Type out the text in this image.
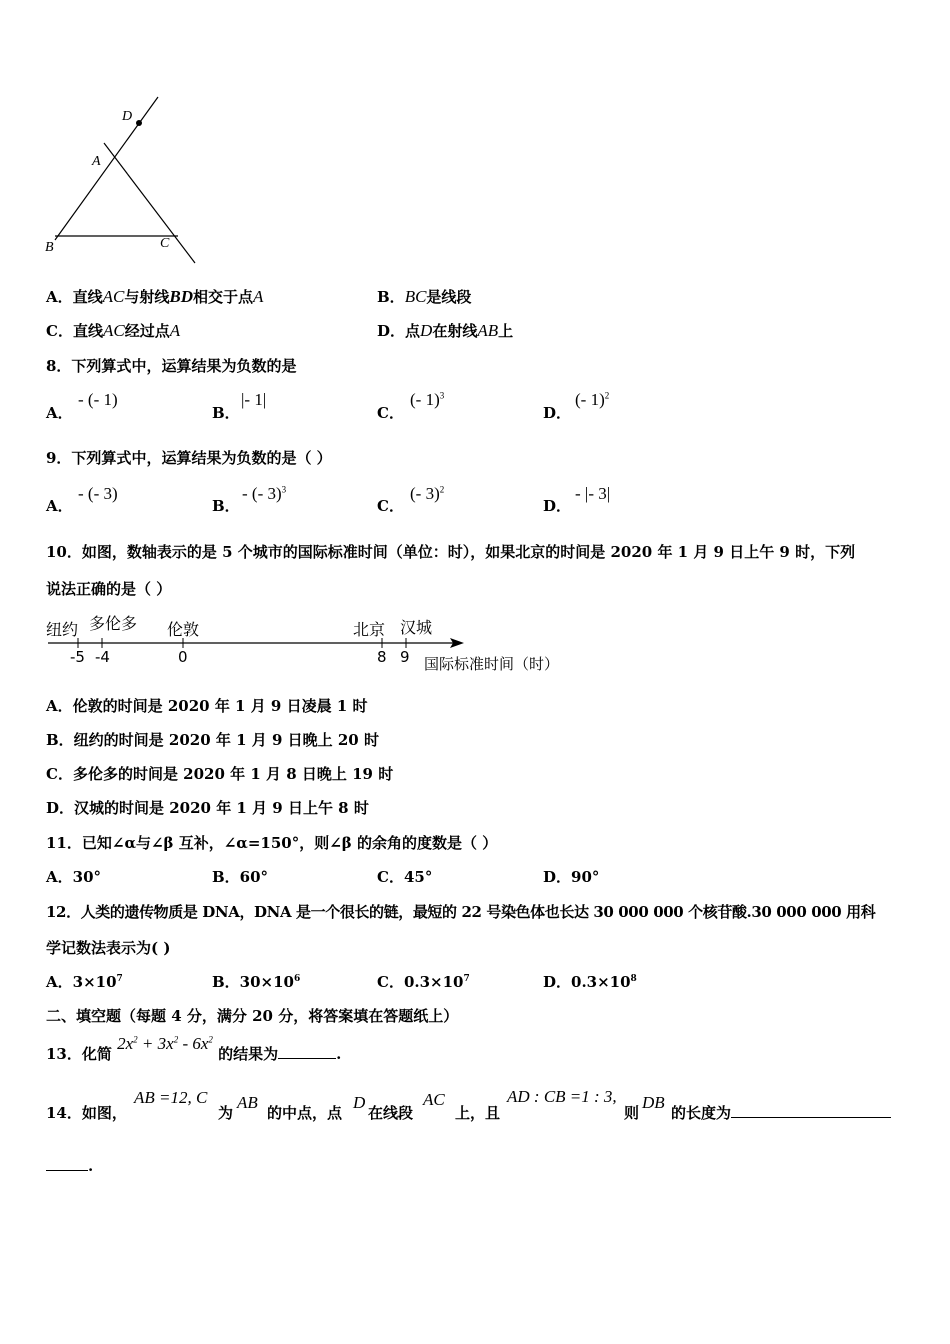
D
A
B	C
A．直线AC与射线BD相交于点A	B．BC是线段
C．直线AC经过点A	D．点D在射线AB上
8．下列算式中，运算结果为负数的是
A．
- (- 1)
B．
|- 1|
C．
(- 1)$^3$
D．
(- 1)$^2$
9．下列算式中，运算结果为负数的是（ ）
A．
- (- 3)
B．
- (- 3)$^3$
C．
(- 3)$^2$
D．
- |- 3|
10．如图，数轴表示的是 5 个城市的国际标准时间（单位：时），如果北京的时间是 2020 年 1 月 9 日上午 9 时，下列
说法正确的是（ ）
纽约 多伦多 伦敦	北京 汉城
-5 -4	0	8 9 国际标准时间（时）
A．伦敦的时间是 2020 年 1 月 9 日凌晨 1 时
B．纽约的时间是 2020 年 1 月 9 日晚上 20 时
C．多伦多的时间是 2020 年 1 月 8 日晚上 19 时
D．汉城的时间是 2020 年 1 月 9 日上午 8 时
11．已知∠α与∠β 互补，∠α=150°，则∠β 的余角的度数是（ ）
A．30°	B．60°	C．45°	D．90°
12．人类的遗传物质是 DNA，DNA 是一个很长的链，最短的 22 号染色体也长达 30 000 000 个核苷酸.30 000 000 用科
学记数法表示为( )
A．$3\times 10^7$	B．$30\times 10^6$	C．$0.3\times 10^7$	D．$0.3\times 10^8$
二、填空题（每题 4 分，满分 20 分，将答案填在答题纸上）
13．化简 $2x^2 + 3x^2 - 6x^2$ 的结果为	.
14．如图，
AB =12, C
为
AB
的中点，点
D
在线段
AC
上，且
AD : CB =1 : 3,
则
DB
的长度为
.
